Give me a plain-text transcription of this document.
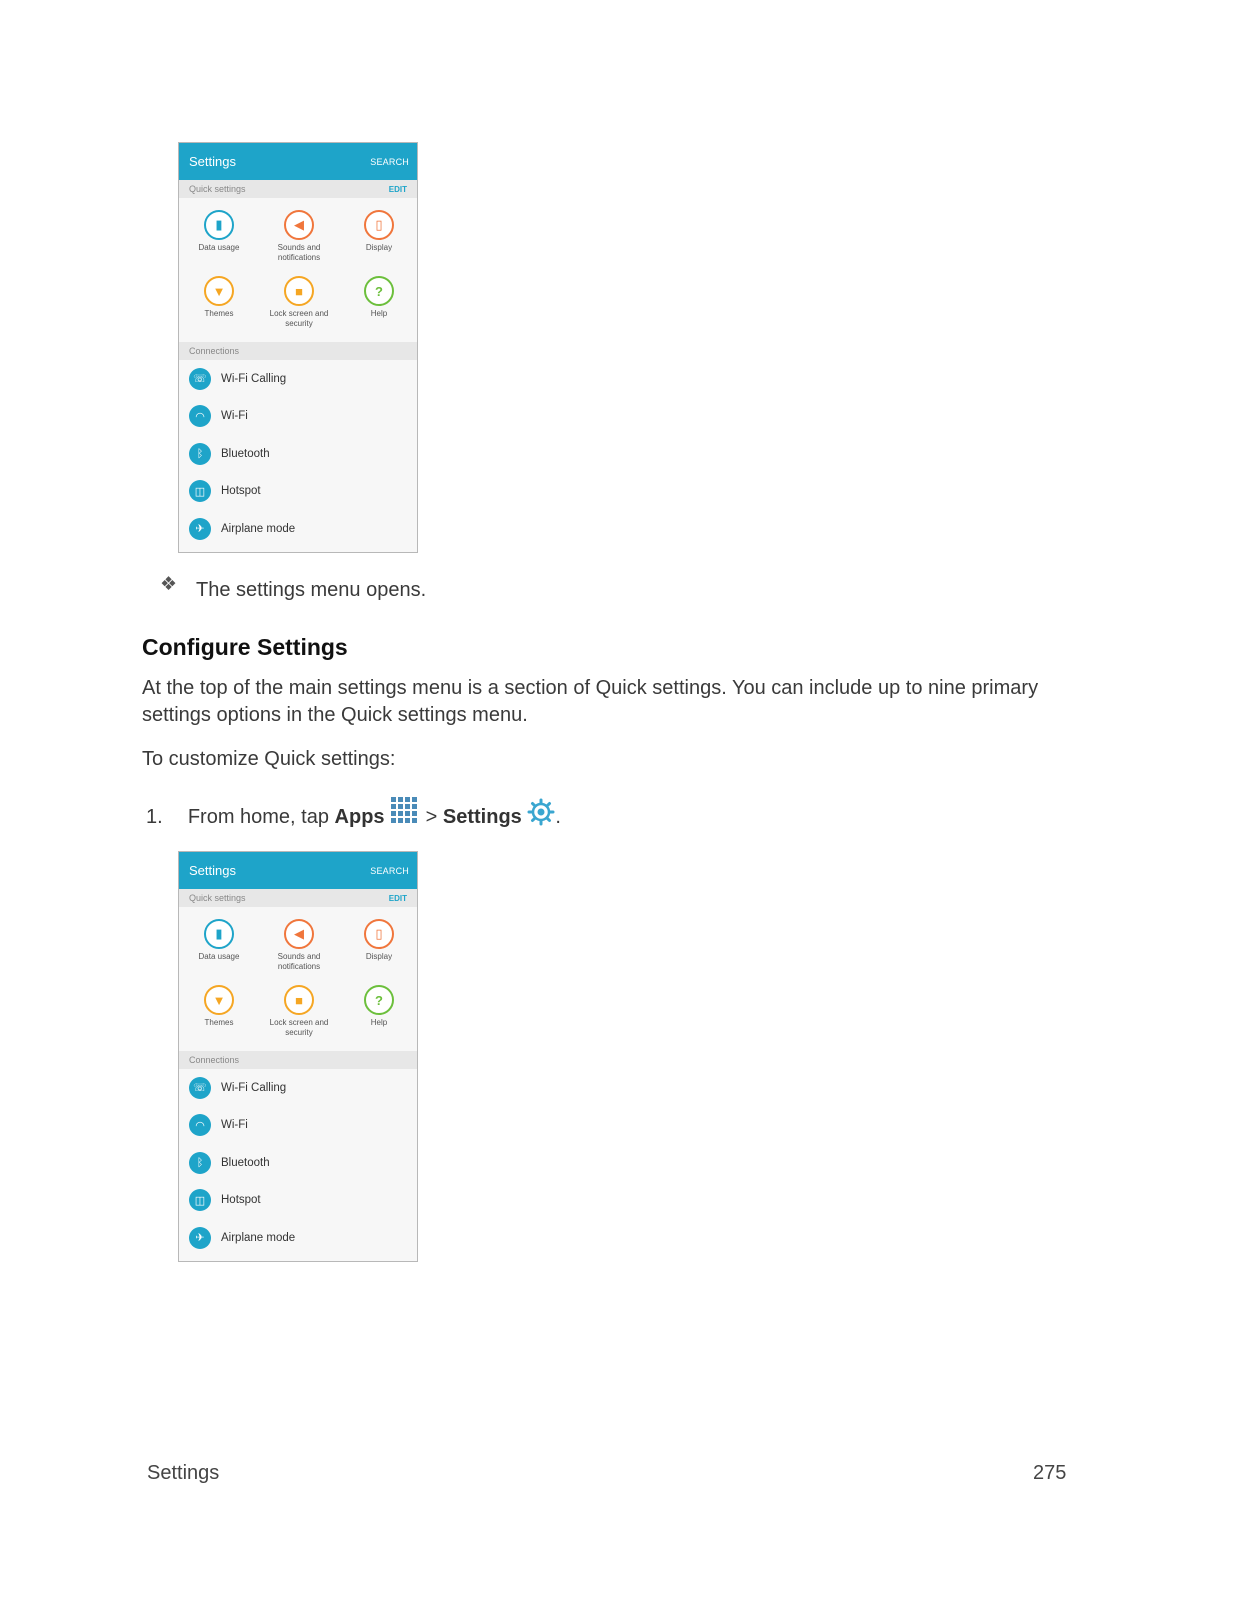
Settings	SEARCH
Quick settings	EDIT
▮
Data usage
◀
Sounds and notifications
▯
Display
▼
Themes
■
Lock screen and security
?
Help
Connections
☏	Wi-Fi Calling
◠	Wi-Fi
ᛒ	Bluetooth
◫	Hotspot
✈	Airplane mode
❖ The settings menu opens.
Configure Settings
At the top of the main settings menu is a section of Quick settings. You can include up to nine primary settings options in the Quick settings menu.
To customize Quick settings:
1. From home, tap Apps  > Settings .
Settings	SEARCH
Quick settings	EDIT
▮
Data usage
◀
Sounds and notifications
▯
Display
▼
Themes
■
Lock screen and security
?
Help
Connections
☏	Wi-Fi Calling
◠	Wi-Fi
ᛒ	Bluetooth
◫	Hotspot
✈	Airplane mode
Settings	275
